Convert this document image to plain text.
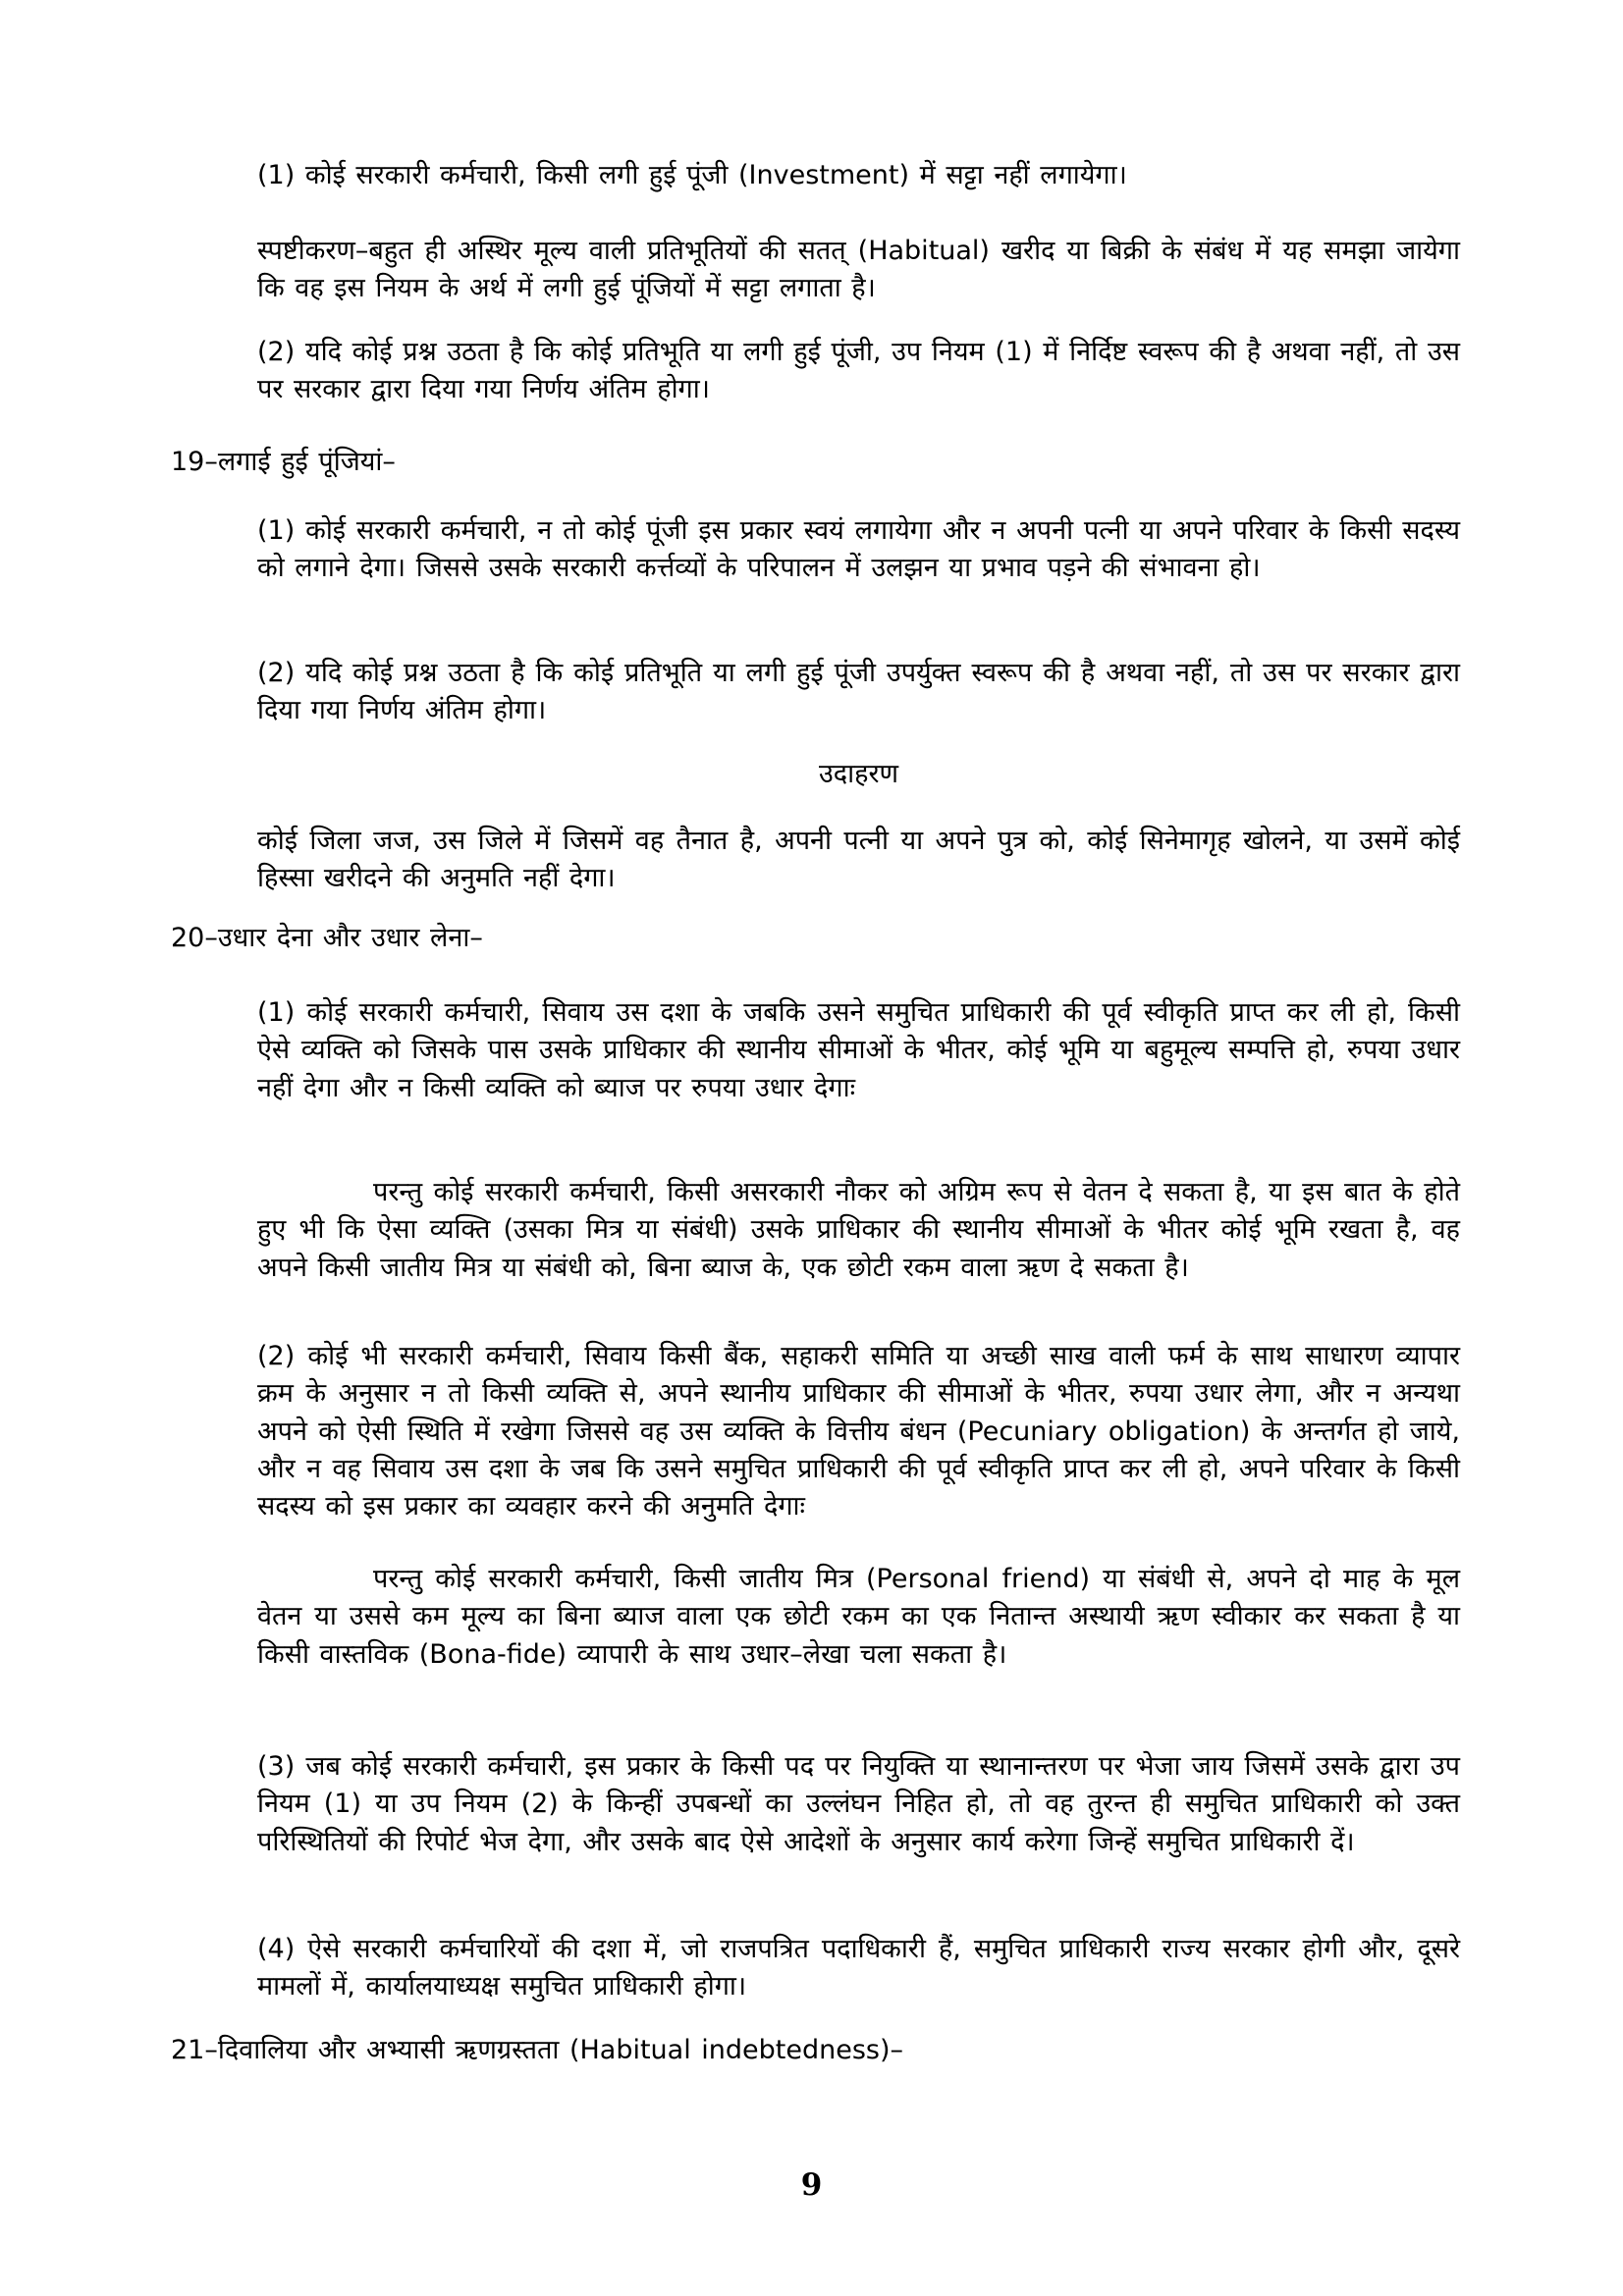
(1) कोई सरकारी कर्मचारी, किसी लगी हुई पूंजी (Investment) में सट्टा नहीं लगायेगा।

स्पष्टीकरण–बहुत ही अस्थिर मूल्य वाली प्रतिभूतियों की सतत् (Habitual) खरीद या बिक्री के संबंध में यह समझा जायेगा कि वह इस नियम के अर्थ में लगी हुई पूंजियों में सट्टा लगाता है।

(2) यदि कोई प्रश्न उठता है कि कोई प्रतिभूति या लगी हुई पूंजी, उप नियम (1) में निर्दिष्ट स्वरूप की है अथवा नहीं, तो उस पर सरकार द्वारा दिया गया निर्णय अंतिम होगा।

19–लगाई हुई पूंजियां–

(1) कोई सरकारी कर्मचारी, न तो कोई पूंजी इस प्रकार स्वयं लगायेगा और न अपनी पत्नी या अपने परिवार के किसी सदस्य को लगाने देगा। जिससे उसके सरकारी कर्त्तव्यों के परिपालन में उलझन या प्रभाव पड़ने की संभावना हो।

(2) यदि कोई प्रश्न उठता है कि कोई प्रतिभूति या लगी हुई पूंजी उपर्युक्त स्वरूप की है अथवा नहीं, तो उस पर सरकार द्वारा दिया गया निर्णय अंतिम होगा।

उदाहरण

कोई जिला जज, उस जिले में जिसमें वह तैनात है, अपनी पत्नी या अपने पुत्र को, कोई सिनेमागृह खोलने, या उसमें कोई हिस्सा खरीदने की अनुमति नहीं देगा।

20–उधार देना और उधार लेना–

(1) कोई सरकारी कर्मचारी, सिवाय उस दशा के जबकि उसने समुचित प्राधिकारी की पूर्व स्वीकृति प्राप्त कर ली हो, किसी ऐसे व्यक्ति को जिसके पास उसके प्राधिकार की स्थानीय सीमाओं के भीतर, कोई भूमि या बहुमूल्य सम्पत्ति हो, रुपया उधार नहीं देगा और न किसी व्यक्ति को ब्याज पर रुपया उधार देगाः

परन्तु कोई सरकारी कर्मचारी, किसी असरकारी नौकर को अग्रिम रूप से वेतन दे सकता है, या इस बात के होते हुए भी कि ऐसा व्यक्ति (उसका मित्र या संबंधी) उसके प्राधिकार की स्थानीय सीमाओं के भीतर कोई भूमि रखता है, वह अपने किसी जातीय मित्र या संबंधी को, बिना ब्याज के, एक छोटी रकम वाला ऋण दे सकता है।

(2) कोई भी सरकारी कर्मचारी, सिवाय किसी बैंक, सहाकरी समिति या अच्छी साख वाली फर्म के साथ साधारण व्यापार क्रम के अनुसार न तो किसी व्यक्ति से, अपने स्थानीय प्राधिकार की सीमाओं के भीतर, रुपया उधार लेगा, और न अन्यथा अपने को ऐसी स्थिति में रखेगा जिससे वह उस व्यक्ति के वित्तीय बंधन (Pecuniary obligation) के अन्तर्गत हो जाये, और न वह सिवाय उस दशा के जब कि उसने समुचित प्राधिकारी की पूर्व स्वीकृति प्राप्त कर ली हो, अपने परिवार के किसी सदस्य को इस प्रकार का व्यवहार करने की अनुमति देगाः

परन्तु कोई सरकारी कर्मचारी, किसी जातीय मित्र (Personal friend) या संबंधी से, अपने दो माह के मूल वेतन या उससे कम मूल्य का बिना ब्याज वाला एक छोटी रकम का एक नितान्त अस्थायी ऋण स्वीकार कर सकता है या किसी वास्तविक (Bona-fide) व्यापारी के साथ उधार–लेखा चला सकता है।

(3) जब कोई सरकारी कर्मचारी, इस प्रकार के किसी पद पर नियुक्ति या स्थानान्तरण पर भेजा जाय जिसमें उसके द्वारा उप नियम (1) या उप नियम (2) के किन्हीं उपबन्धों का उल्लंघन निहित हो, तो वह तुरन्त ही समुचित प्राधिकारी को उक्त परिस्थितियों की रिपोर्ट भेज देगा, और उसके बाद ऐसे आदेशों के अनुसार कार्य करेगा जिन्हें समुचित प्राधिकारी दें।

(4) ऐसे सरकारी कर्मचारियों की दशा में, जो राजपत्रित पदाधिकारी हैं, समुचित प्राधिकारी राज्य सरकार होगी और, दूसरे मामलों में, कार्यालयाध्यक्ष समुचित प्राधिकारी होगा।

21–दिवालिया और अभ्यासी ऋणग्रस्तता (Habitual indebtedness)–

9
